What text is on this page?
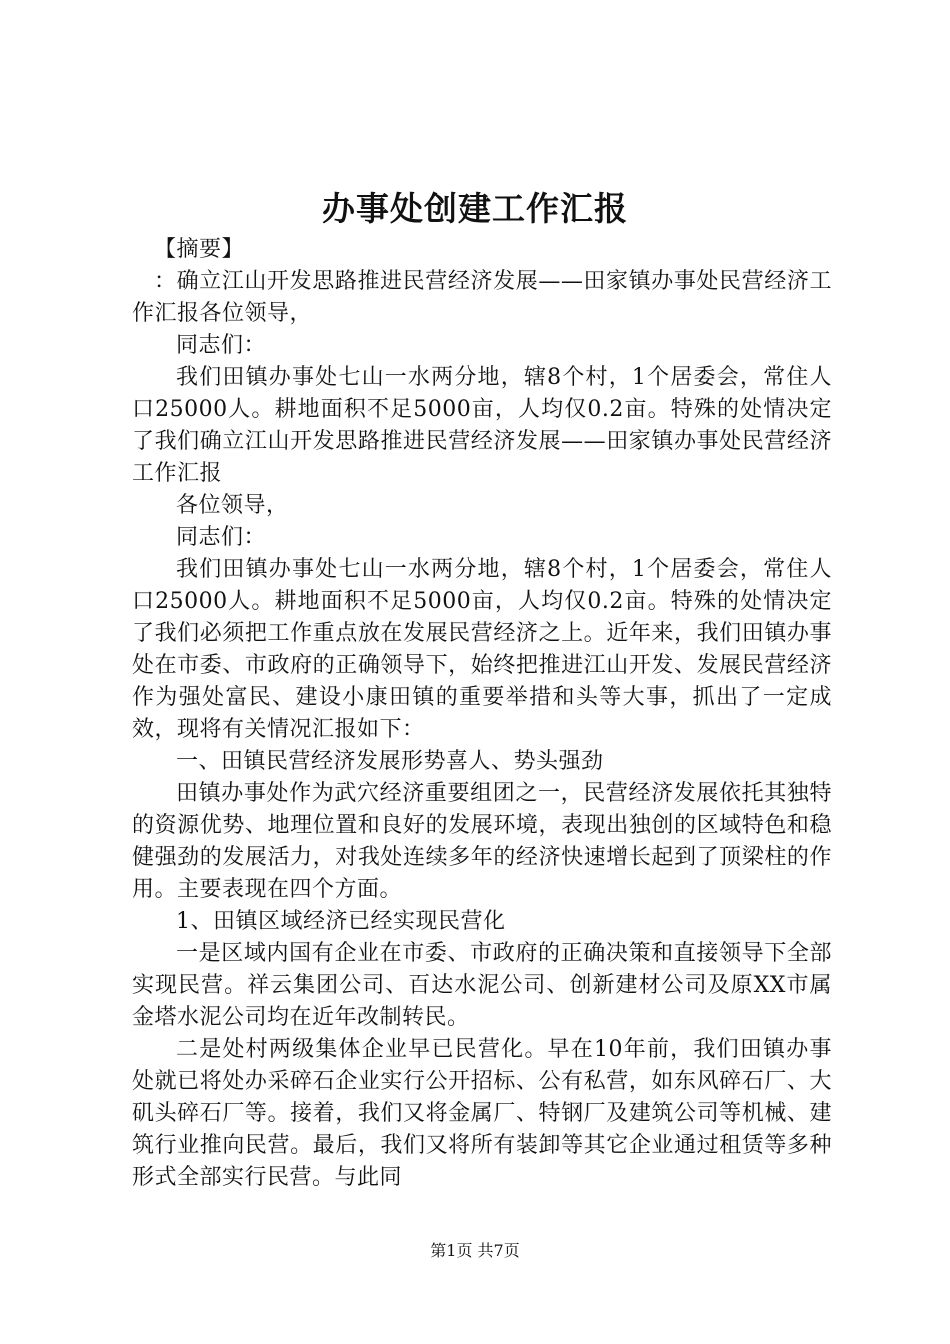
办事处创建工作汇报

【摘要】

：确立江山开发思路推进民营经济发展——田家镇办事处民营经济工作汇报各位领导，

同志们：

我们田镇办事处七山一水两分地，辖8个村，1个居委会，常住人口25000人。耕地面积不足5000亩，人均仅0.2亩。特殊的处情决定了我们确立江山开发思路推进民营经济发展——田家镇办事处民营经济工作汇报

各位领导，

同志们：

我们田镇办事处七山一水两分地，辖8个村，1个居委会，常住人口25000人。耕地面积不足5000亩，人均仅0.2亩。特殊的处情决定了我们必须把工作重点放在发展民营经济之上。近年来，我们田镇办事处在市委、市政府的正确领导下，始终把推进江山开发、发展民营经济作为强处富民、建设小康田镇的重要举措和头等大事，抓出了一定成效，现将有关情况汇报如下：

一、田镇民营经济发展形势喜人、势头强劲

田镇办事处作为武穴经济重要组团之一，民营经济发展依托其独特的资源优势、地理位置和良好的发展环境，表现出独创的区域特色和稳健强劲的发展活力，对我处连续多年的经济快速增长起到了顶梁柱的作用。主要表现在四个方面。

1、田镇区域经济已经实现民营化

一是区域内国有企业在市委、市政府的正确决策和直接领导下全部实现民营。祥云集团公司、百达水泥公司、创新建材公司及原XX市属金塔水泥公司均在近年改制转民。

二是处村两级集体企业早已民营化。早在10年前，我们田镇办事处就已将处办采碎石企业实行公开招标、公有私营，如东风碎石厂、大矶头碎石厂等。接着，我们又将金属厂、特钢厂及建筑公司等机械、建筑行业推向民营。最后，我们又将所有装卸等其它企业通过租赁等多种形式全部实行民营。与此同

第1页 共7页
